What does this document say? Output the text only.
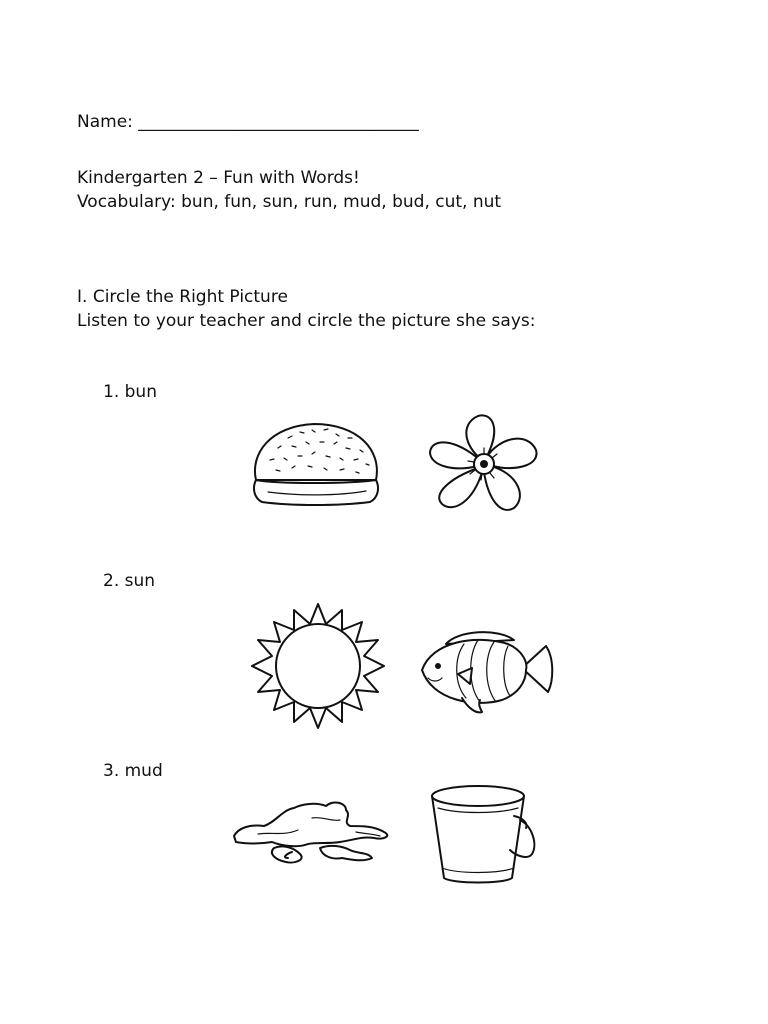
Name: _________________________________
Kindergarten 2 – Fun with Words!
Vocabulary: bun, fun, sun, run, mud, bud, cut, nut
I. Circle the Right Picture
Listen to your teacher and circle the picture she says:
1. bun
2. sun
3. mud
